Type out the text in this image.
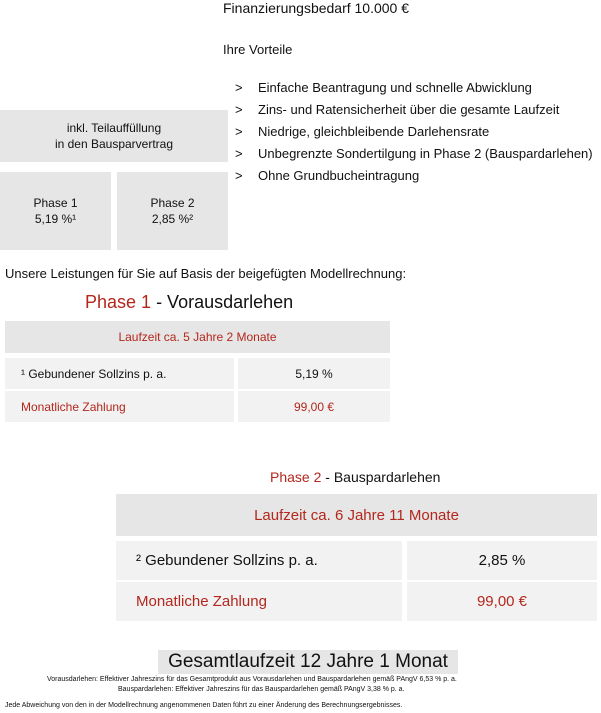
Finanzierungsbedarf 10.000 €
Ihre Vorteile
> Einfache Beantragung und schnelle Abwicklung
> Zins- und Ratensicherheit über die gesamte Laufzeit
> Niedrige, gleichbleibende Darlehensrate
> Unbegrenzte Sondertilgung in Phase 2 (Bauspardarlehen)
> Ohne Grundbucheintragung
inkl. Teilauffüllung
in den Bausparvertrag
Phase 1
5,19 %¹
Phase 2
2,85 %²
Unsere Leistungen für Sie auf Basis der beigefügten Modellrechnung:
Phase 1 - Vorausdarlehen
Laufzeit ca. 5 Jahre 2 Monate
¹ Gebundener Sollzins p. a.	5,19 %
Monatliche Zahlung	99,00 €
Phase 2 - Bauspardarlehen
Laufzeit ca. 6 Jahre 11 Monate
² Gebundener Sollzins p. a.	2,85 %
Monatliche Zahlung	99,00 €
Gesamtlaufzeit 12 Jahre 1 Monat
Vorausdarlehen: Effektiver Jahreszins für das Gesamtprodukt aus Vorausdarlehen und Bauspardarlehen gemäß PAngV 6,53 % p. a.
Bauspardarlehen: Effektiver Jahreszins für das Bauspardarlehen gemäß PAngV 3,38 % p. a.
Jede Abweichung von den in der Modellrechnung angenommenen Daten führt zu einer Änderung des Berechnungsergebnisses.
